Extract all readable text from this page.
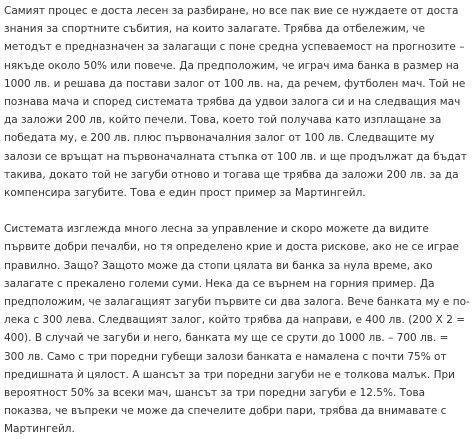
Самият процес е доста лесен за разбиране, но все пак вие се нуждаете от доста знания за спортните събития, на които залагате. Трябва да отбележим, че методът е предназначен за залагащи с поне средна успеваемост на прогнозите – някъде около 50% или повече. Да предположим, че играч има банка в размер на 1000 лв. и решава да постави залог от 100 лв. на, да речем, футболен мач. Той не познава мача и според системата трябва да удвои залога си и на следващия мач да заложи 200 лв, който печели. Това, което той получава като изплащане за победата му, е 200 лв. плюс първоначалния залог от 100 лв. Следващите му залози се връщат на първоначалната стъпка от 100 лв. и ще продължат да бъдат такива, докато той не загуби отново и тогава ще трябва да заложи 200 лв. за да компенсира загубите. Това е един прост пример за Мартингейл.

Системата изглежда много лесна за управление и скоро можете да видите първите добри печалби, но тя определено крие и доста рискове, ако не се играе правилно. Защо? Защото може да стопи цялата ви банка за нула време, ако залагате с прекалено големи суми. Нека да се върнем на горния пример. Да предположим, че залагащият загуби първите си два залога. Вече банката му е по- лека с 300 лева. Следващият залог, който трябва да направи, е 400 лв. (200 Х 2 = 400). В случай че загуби и него, банката му ще се срути до 1000 лв. – 700 лв. = 300 лв. Само с три поредни губещи залози банката е намалена с почти 75% от предишната ѝ цялост. А шансът за три поредни загуби не е толкова малък. При вероятност 50% за всеки мач, шансът за три поредни загуби е 12.5%. Това показва, че въпреки че може да спечелите добри пари, трябва да внимавате с Мартингейл.
